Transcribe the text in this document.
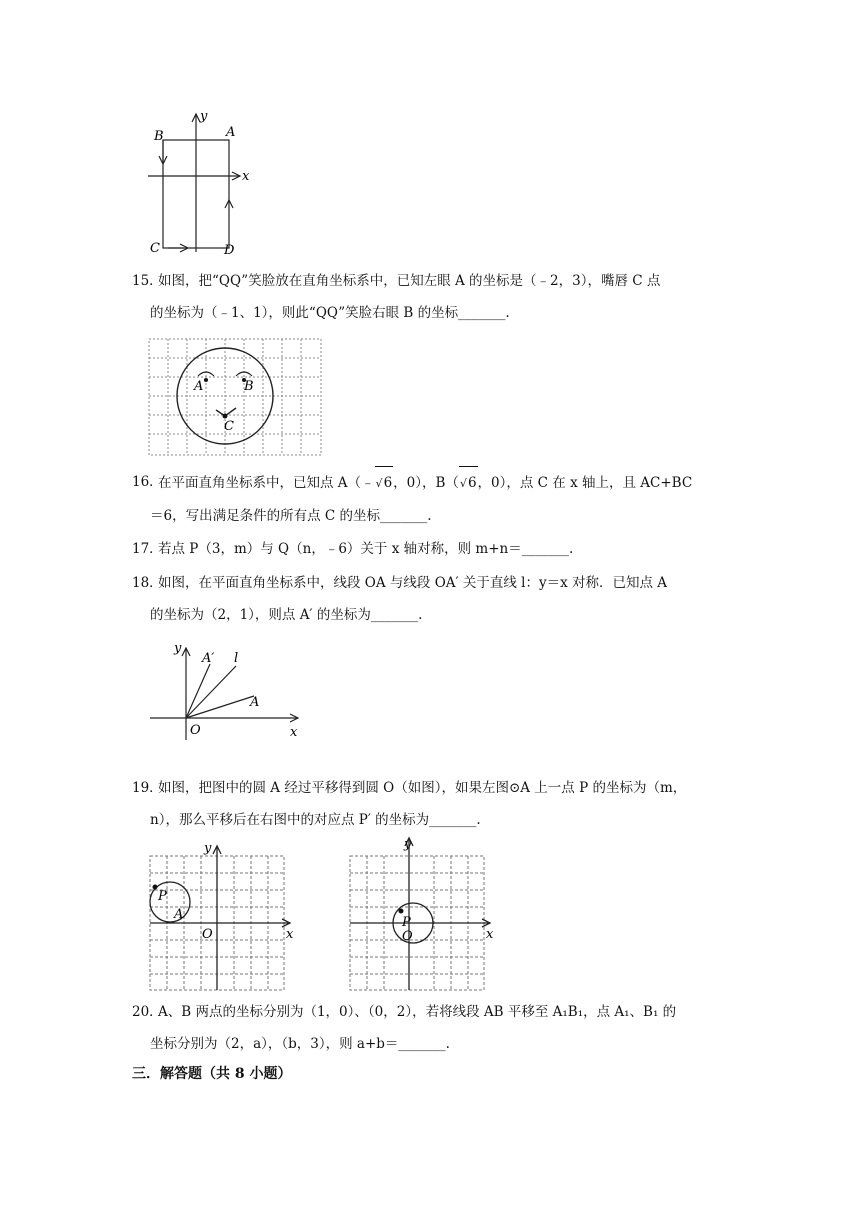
y
x
A
B
C	D
15．
如图，把“QQ”笑脸放在直角坐标系中，已知左眼 A 的坐标是（﹣2，3），嘴唇 C 点
的坐标为（﹣1、1），则此“QQ”笑脸右眼 B 的坐标_______.
A	B
C
16．
在平面直角坐标系中，已知点 A（﹣√6，0），B（√6，0），点 C 在 x 轴上，且 AC+BC
＝6，写出满足条件的所有点 C 的坐标_______.
17．
若点 P（3，m）与 Q（n，﹣6）关于 x 轴对称，则 m+n＝_______.
18．
如图，在平面直角坐标系中，线段 OA 与线段 OA′ 关于直线 l：y＝x 对称．已知点 A
的坐标为（2，1），则点 A′ 的坐标为_______.
y
x
O
A
A′ l
19．
如图，把图中的圆 A 经过平移得到圆 O（如图），如果左图⊙A 上一点 P 的坐标为（m，
n），那么平移后在右图中的对应点 P′ 的坐标为_______.
y
x
O
P
A
y
x
O
P
20．
A、B 两点的坐标分别为（1，0）、（0，2），若将线段 AB 平移至 A₁B₁，点 A₁、B₁ 的
坐标分别为（2，a），（b，3），则 a+b＝_______.
三．解答题（共 8 小题）
